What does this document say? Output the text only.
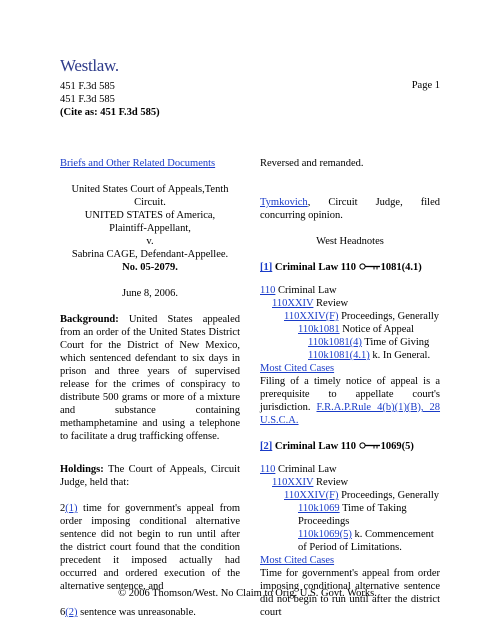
Westlaw.
451 F.3d 585
451 F.3d 585
(Cite as: 451 F.3d 585)
Page 1

Briefs and Other Related Documents

United States Court of Appeals,Tenth

Circuit.

UNITED STATES of America,

Plaintiff-Appellant,

v.

Sabrina CAGE, Defendant-Appellee.

No. 05-2079.

June 8, 2006.

Background: United States appealed from an order of the United States District Court for the District of New Mexico, which sentenced defendant to six days in prison and three years of supervised release for the crimes of conspiracy to distribute 500 grams or more of a mixture and substance containing methamphetamine and using a telephone to facilitate a drug trafficking offense.

Holdings: The Court of Appeals, Circuit Judge, held that:

2(1) time for government's appeal from order imposing conditional alternative sentence did not begin to run until after the district court found that the condition precedent it imposed actually had occurred and ordered execution of the alternative sentence, and

6(2) sentence was unreasonable.

Reversed and remanded.

Tymkovich, Circuit Judge, filed concurring opinion.

West Headnotes

[1] Criminal Law 110 1081(4.1)

110 Criminal Law

110XXIV Review

110XXIV(F) Proceedings, Generally

110k1081 Notice of Appeal

110k1081(4) Time of Giving

110k1081(4.1) k. In General.

Most Cited Cases

Filing of a timely notice of appeal is a prerequisite to appellate court's jurisdiction. F.R.A.P.Rule 4(b)(1)(B), 28 U.S.C.A.

[2] Criminal Law 110 1069(5)

110 Criminal Law

110XXIV Review

110XXIV(F) Proceedings, Generally

110k1069 Time of Taking Proceedings

110k1069(5) k. Commencement of Period of Limitations.

Most Cited Cases

Time for government's appeal from order imposing conditional alternative sentence did not begin to run until after the district court

© 2006 Thomson/West. No Claim to Orig. U.S. Govt. Works.
